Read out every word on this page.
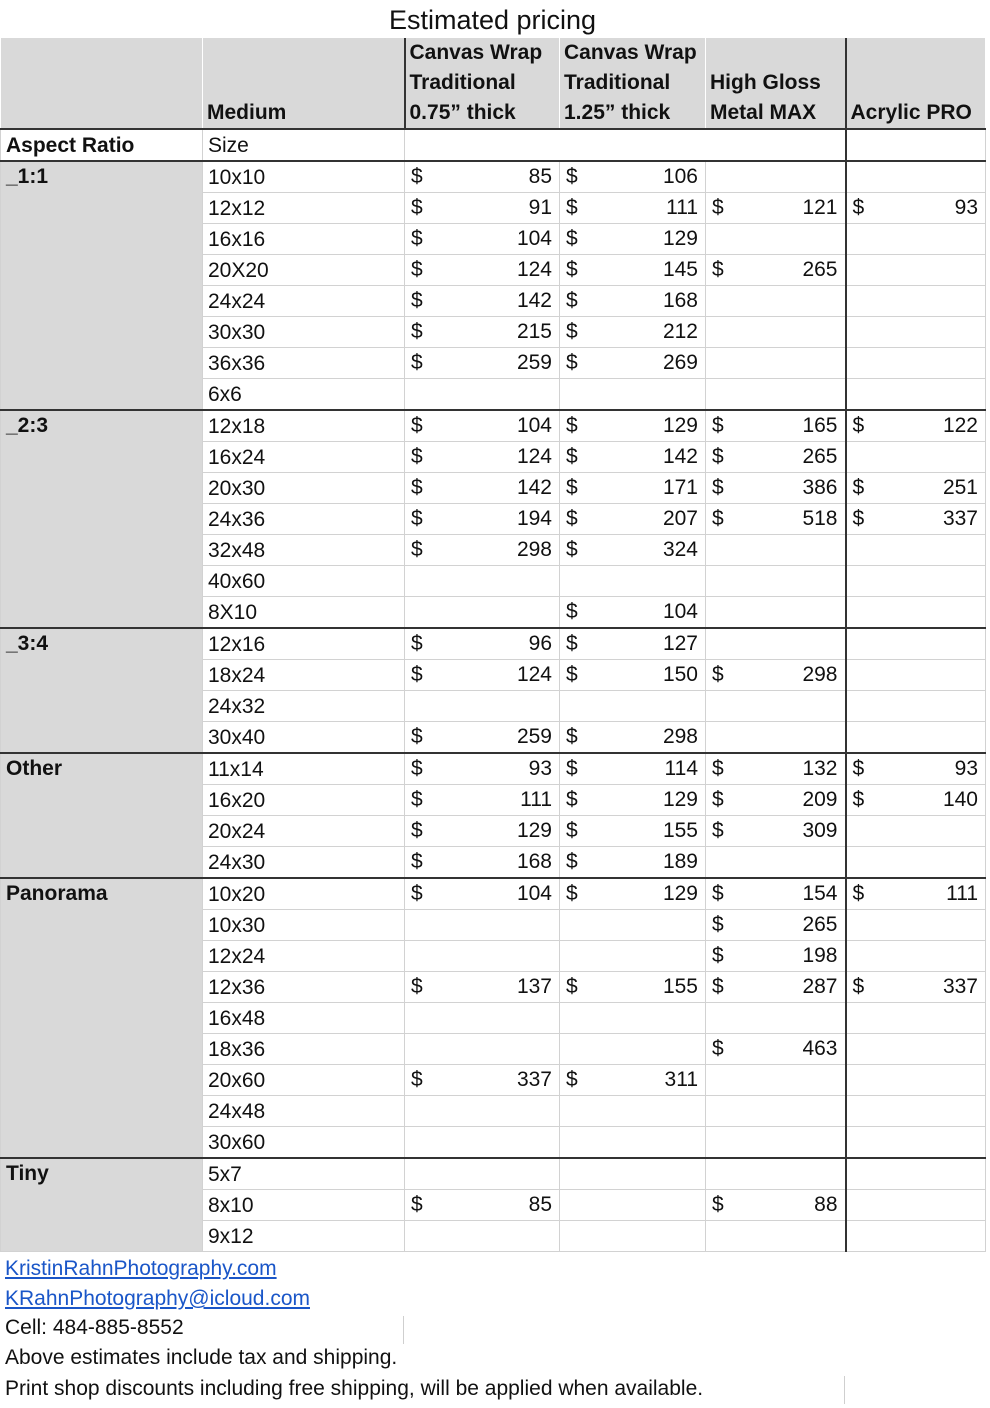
Estimated pricing

	Medium	Canvas Wrap
Traditional
0.75” thick	Canvas Wrap
Traditional
1.25” thick	High Gloss
Metal MAX	Acrylic PRO

Aspect Ratio	Size				
_1:1	10x10	$ 85	$ 106		

	12x12	$ 91	$ 111	$ 121	$ 93

	16x16	$ 104	$ 129		

	20X20	$ 124	$ 145	$ 265	

	24x24	$ 142	$ 168		

	30x30	$ 215	$ 212		

	36x36	$ 259	$ 269		

	6x6				
_2:3	12x18	$ 104	$ 129	$ 165	$ 122

	16x24	$ 124	$ 142	$ 265	

	20x30	$ 142	$ 171	$ 386	$ 251

	24x36	$ 194	$ 207	$ 518	$ 337

	32x48	$ 298	$ 324		

	40x60				
	8X10		$ 104		

_3:4	12x16	$ 96	$ 127		

	18x24	$ 124	$ 150	$ 298	

	24x32				
	30x40	$ 259	$ 298		

Other	11x14	$ 93	$ 114	$ 132	$ 93

	16x20	$ 111	$ 129	$ 209	$ 140

	20x24	$ 129	$ 155	$ 309	

	24x30	$ 168	$ 189		

Panorama	10x20	$ 104	$ 129	$ 154	$ 111

	10x30			$ 265	

	12x24			$ 198	

	12x36	$ 137	$ 155	$ 287	$ 337

	16x48				
	18x36			$ 463	

	20x60	$ 337	$ 311		

	24x48				
	30x60				
Tiny	5x7				
	8x10	$ 85		$ 88	

	9x12				
KristinRahnPhotography.com
KRahnPhotography@icloud.com
Cell: 484-885-8552
Above estimates include tax and shipping.
Print shop discounts including free shipping, will be applied when available.
